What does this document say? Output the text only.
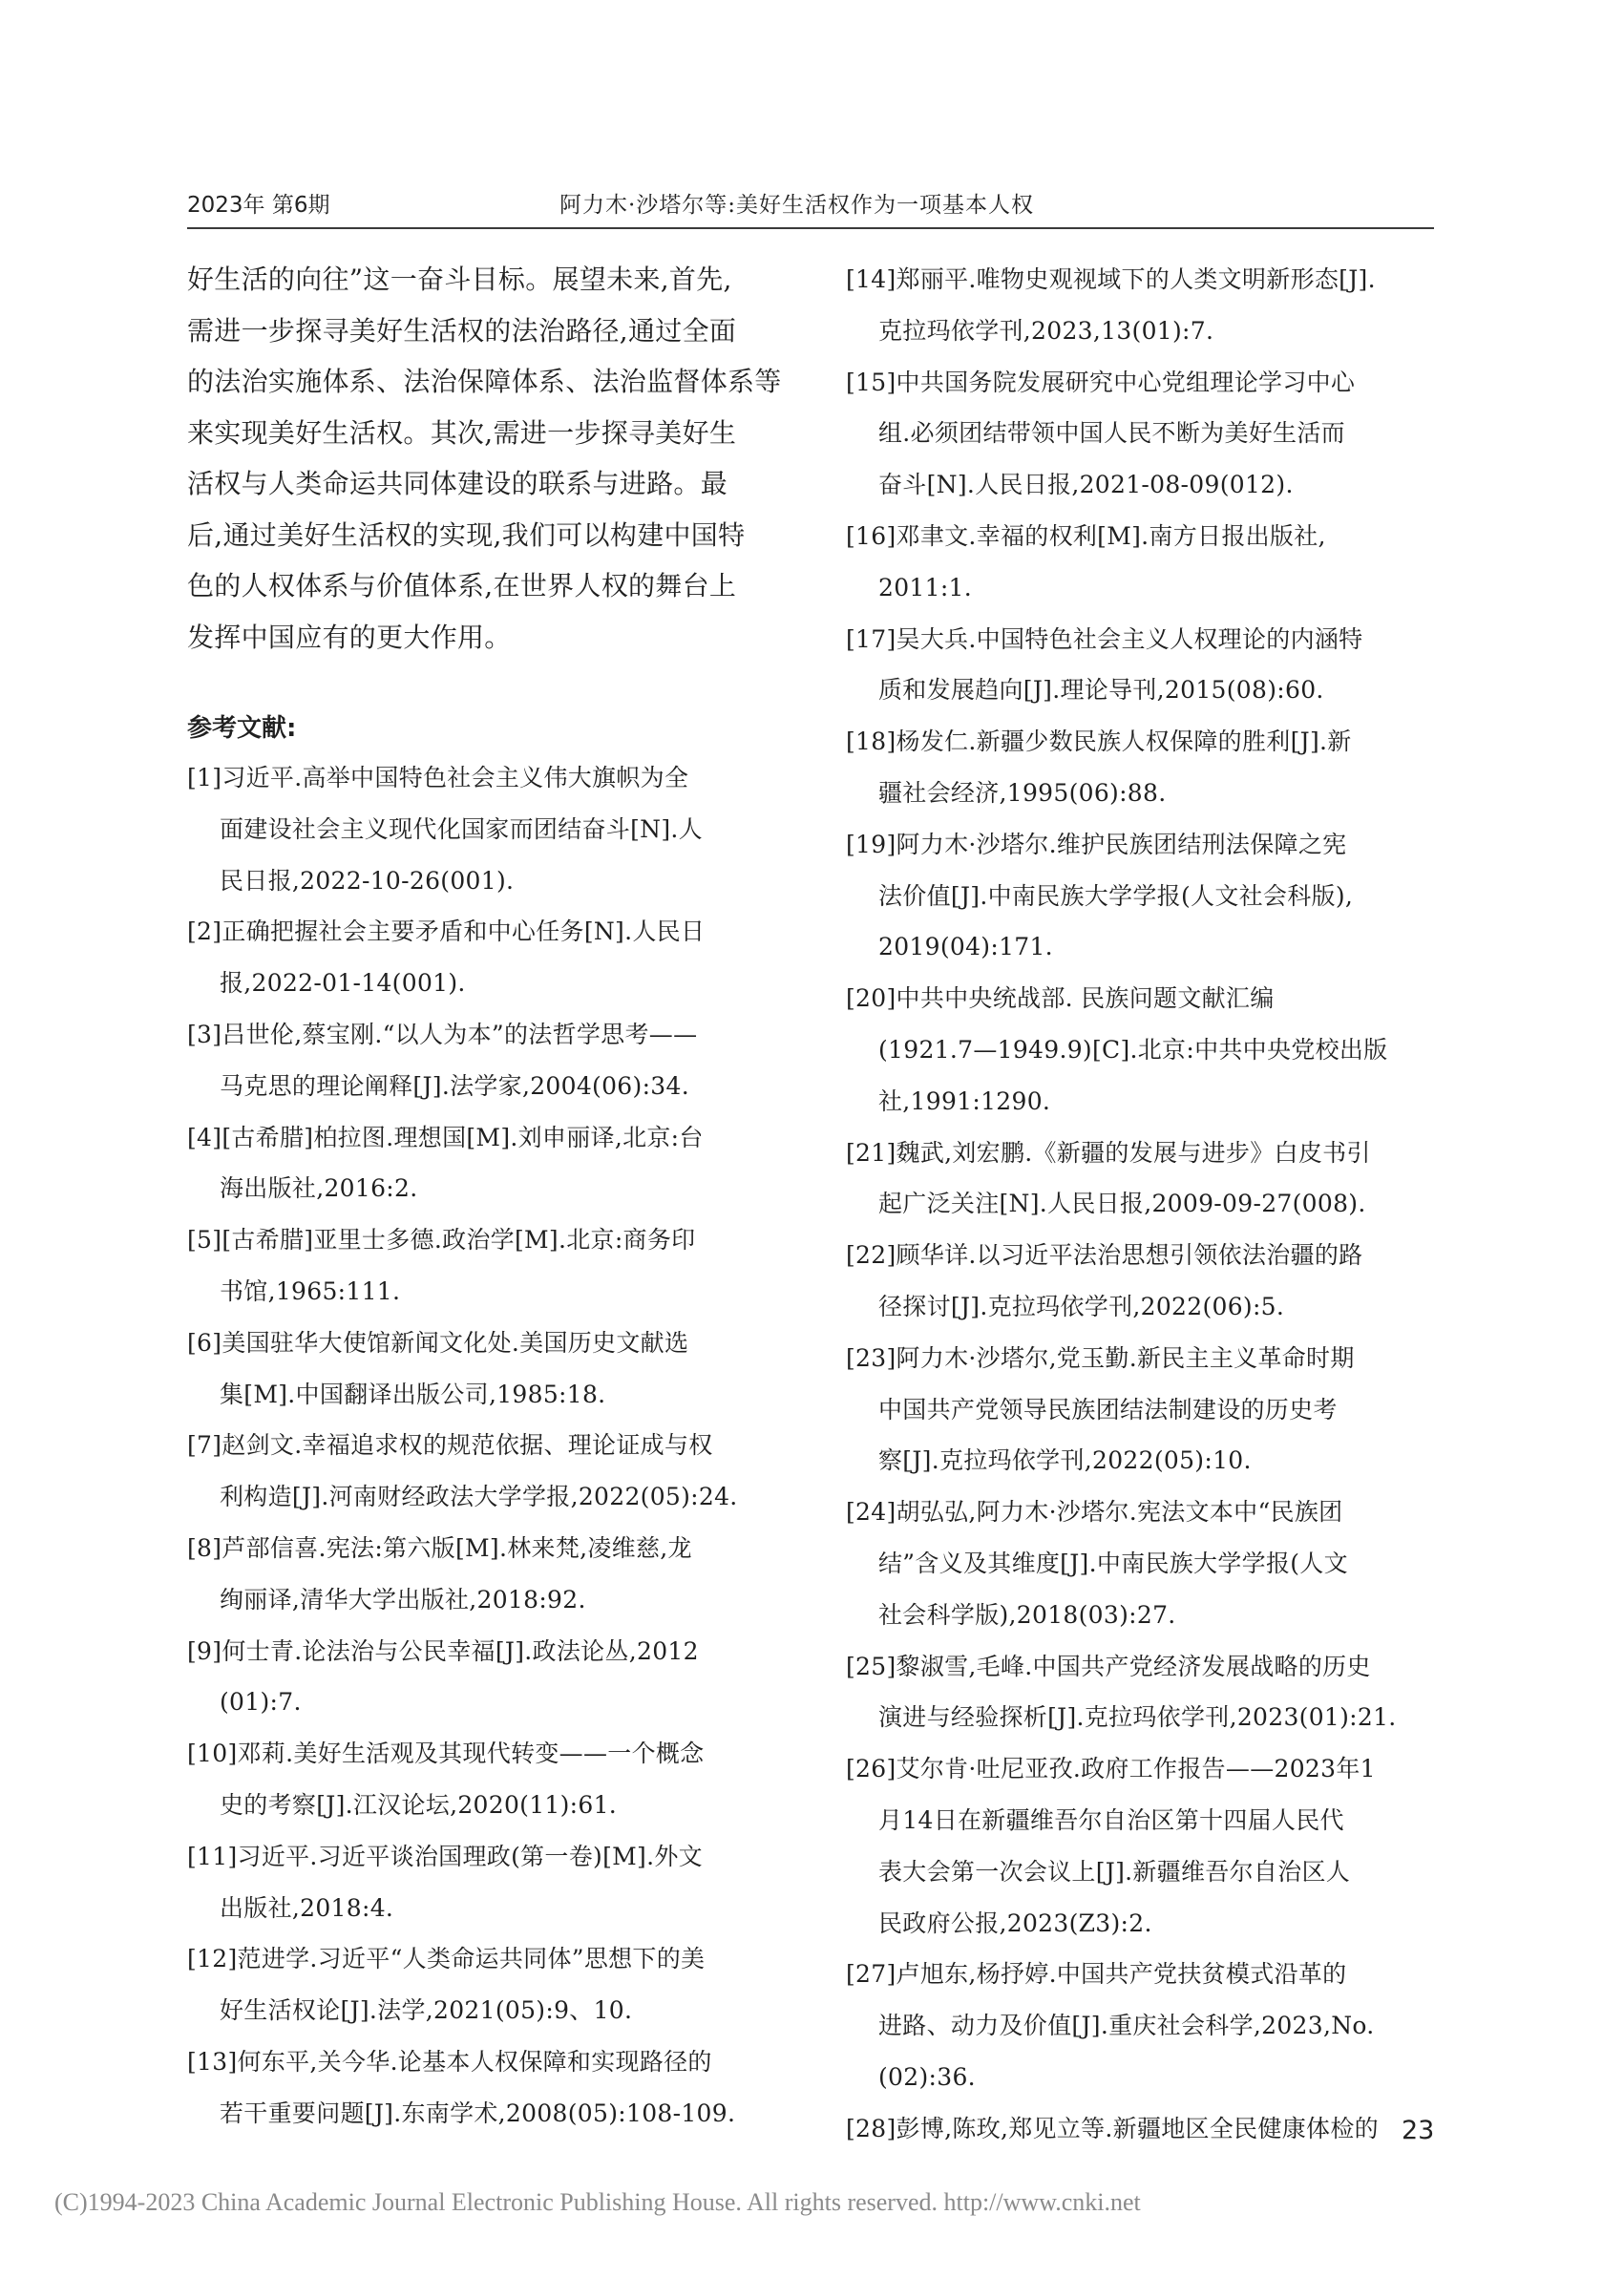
2023年 第6期	阿力木·沙塔尔等:美好生活权作为一项基本人权
好生活的向往”这一奋斗目标。展望未来,首先,
需进一步探寻美好生活权的法治路径,通过全面
的法治实施体系、法治保障体系、法治监督体系等
来实现美好生活权。其次,需进一步探寻美好生
活权与人类命运共同体建设的联系与进路。最
后,通过美好生活权的实现,我们可以构建中国特
色的人权体系与价值体系,在世界人权的舞台上
发挥中国应有的更大作用。
参考文献:
[1]习近平.高举中国特色社会主义伟大旗帜为全
面建设社会主义现代化国家而团结奋斗[N].人
民日报,2022-10-26(001).
[2]正确把握社会主要矛盾和中心任务[N].人民日
报,2022-01-14(001).
[3]吕世伦,蔡宝刚.“以人为本”的法哲学思考——
马克思的理论阐释[J].法学家,2004(06):34.
[4][古希腊]柏拉图.理想国[M].刘申丽译,北京:台
海出版社,2016:2.
[5][古希腊]亚里士多德.政治学[M].北京:商务印
书馆,1965:111.
[6]美国驻华大使馆新闻文化处.美国历史文献选
集[M].中国翻译出版公司,1985:18.
[7]赵剑文.幸福追求权的规范依据、理论证成与权
利构造[J].河南财经政法大学学报,2022(05):24.
[8]芦部信喜.宪法:第六版[M].林来梵,凌维慈,龙
绚丽译,清华大学出版社,2018:92.
[9]何士青.论法治与公民幸福[J].政法论丛,2012
(01):7.
[10]邓莉.美好生活观及其现代转变——一个概念
史的考察[J].江汉论坛,2020(11):61.
[11]习近平.习近平谈治国理政(第一卷)[M].外文
出版社,2018:4.
[12]范进学.习近平“人类命运共同体”思想下的美
好生活权论[J].法学,2021(05):9、10.
[13]何东平,关今华.论基本人权保障和实现路径的
若干重要问题[J].东南学术,2008(05):108-109.
[14]郑丽平.唯物史观视域下的人类文明新形态[J].
克拉玛依学刊,2023,13(01):7.
[15]中共国务院发展研究中心党组理论学习中心
组.必须团结带领中国人民不断为美好生活而
奋斗[N].人民日报,2021-08-09(012).
[16]邓聿文.幸福的权利[M].南方日报出版社,
2011:1.
[17]吴大兵.中国特色社会主义人权理论的内涵特
质和发展趋向[J].理论导刊,2015(08):60.
[18]杨发仁.新疆少数民族人权保障的胜利[J].新
疆社会经济,1995(06):88.
[19]阿力木·沙塔尔.维护民族团结刑法保障之宪
法价值[J].中南民族大学学报(人文社会科版),
2019(04):171.
[20]中共中央统战部. 民族问题文献汇编
(1921.7—1949.9)[C].北京:中共中央党校出版
社,1991:1290.
[21]魏武,刘宏鹏.《新疆的发展与进步》白皮书引
起广泛关注[N].人民日报,2009-09-27(008).
[22]顾华详.以习近平法治思想引领依法治疆的路
径探讨[J].克拉玛依学刊,2022(06):5.
[23]阿力木·沙塔尔,党玉勤.新民主主义革命时期
中国共产党领导民族团结法制建设的历史考
察[J].克拉玛依学刊,2022(05):10.
[24]胡弘弘,阿力木·沙塔尔.宪法文本中“民族团
结”含义及其维度[J].中南民族大学学报(人文
社会科学版),2018(03):27.
[25]黎淑雪,毛峰.中国共产党经济发展战略的历史
演进与经验探析[J].克拉玛依学刊,2023(01):21.
[26]艾尔肯·吐尼亚孜.政府工作报告——2023年1
月14日在新疆维吾尔自治区第十四届人民代
表大会第一次会议上[J].新疆维吾尔自治区人
民政府公报,2023(Z3):2.
[27]卢旭东,杨抒婷.中国共产党扶贫模式沿革的
进路、动力及价值[J].重庆社会科学,2023,No.
(02):36.
[28]彭博,陈玫,郑见立等.新疆地区全民健康体检的 23
(C)1994-2023 China Academic Journal Electronic Publishing House. All rights reserved. http://www.cnki.net
